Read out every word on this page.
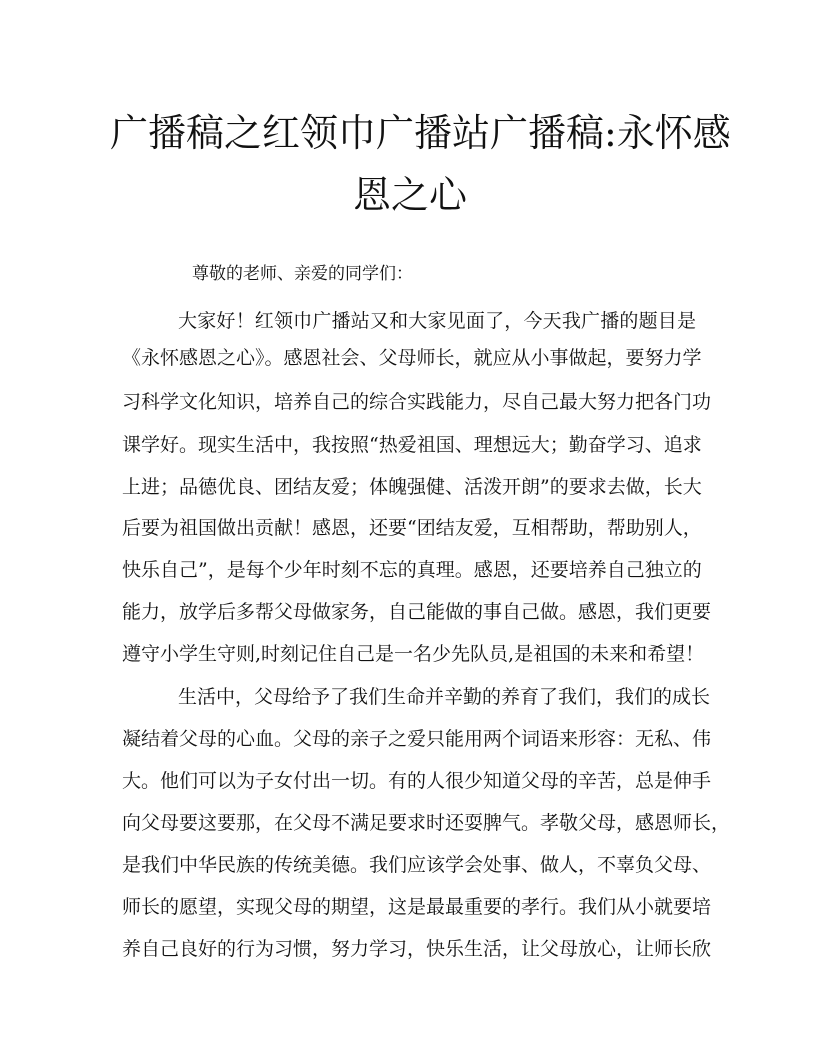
广播稿之红领巾广播站广播稿:永怀感
恩之心
尊敬的老师、亲爱的同学们：
大家好！红领巾广播站又和大家见面了，今天我广播的题目是
《永怀感恩之心》。感恩社会、父母师长，就应从小事做起，要努力学
习科学文化知识，培养自己的综合实践能力，尽自己最大努力把各门功
课学好。现实生活中，我按照“热爱祖国、理想远大；勤奋学习、追求
上进；品德优良、团结友爱；体魄强健、活泼开朗”的要求去做，长大
后要为祖国做出贡献！感恩，还要“团结友爱，互相帮助，帮助别人，
快乐自己”，是每个少年时刻不忘的真理。感恩，还要培养自己独立的
能力，放学后多帮父母做家务，自己能做的事自己做。感恩，我们更要
遵守小学生守则,时刻记住自己是一名少先队员,是祖国的未来和希望！
生活中，父母给予了我们生命并辛勤的养育了我们，我们的成长
凝结着父母的心血。父母的亲子之爱只能用两个词语来形容：无私、伟
大。他们可以为子女付出一切。有的人很少知道父母的辛苦，总是伸手
向父母要这要那，在父母不满足要求时还耍脾气。孝敬父母，感恩师长，
是我们中华民族的传统美德。我们应该学会处事、做人，不辜负父母、
师长的愿望，实现父母的期望，这是最最重要的孝行。我们从小就要培
养自己良好的行为习惯，努力学习，快乐生活，让父母放心，让师长欣
